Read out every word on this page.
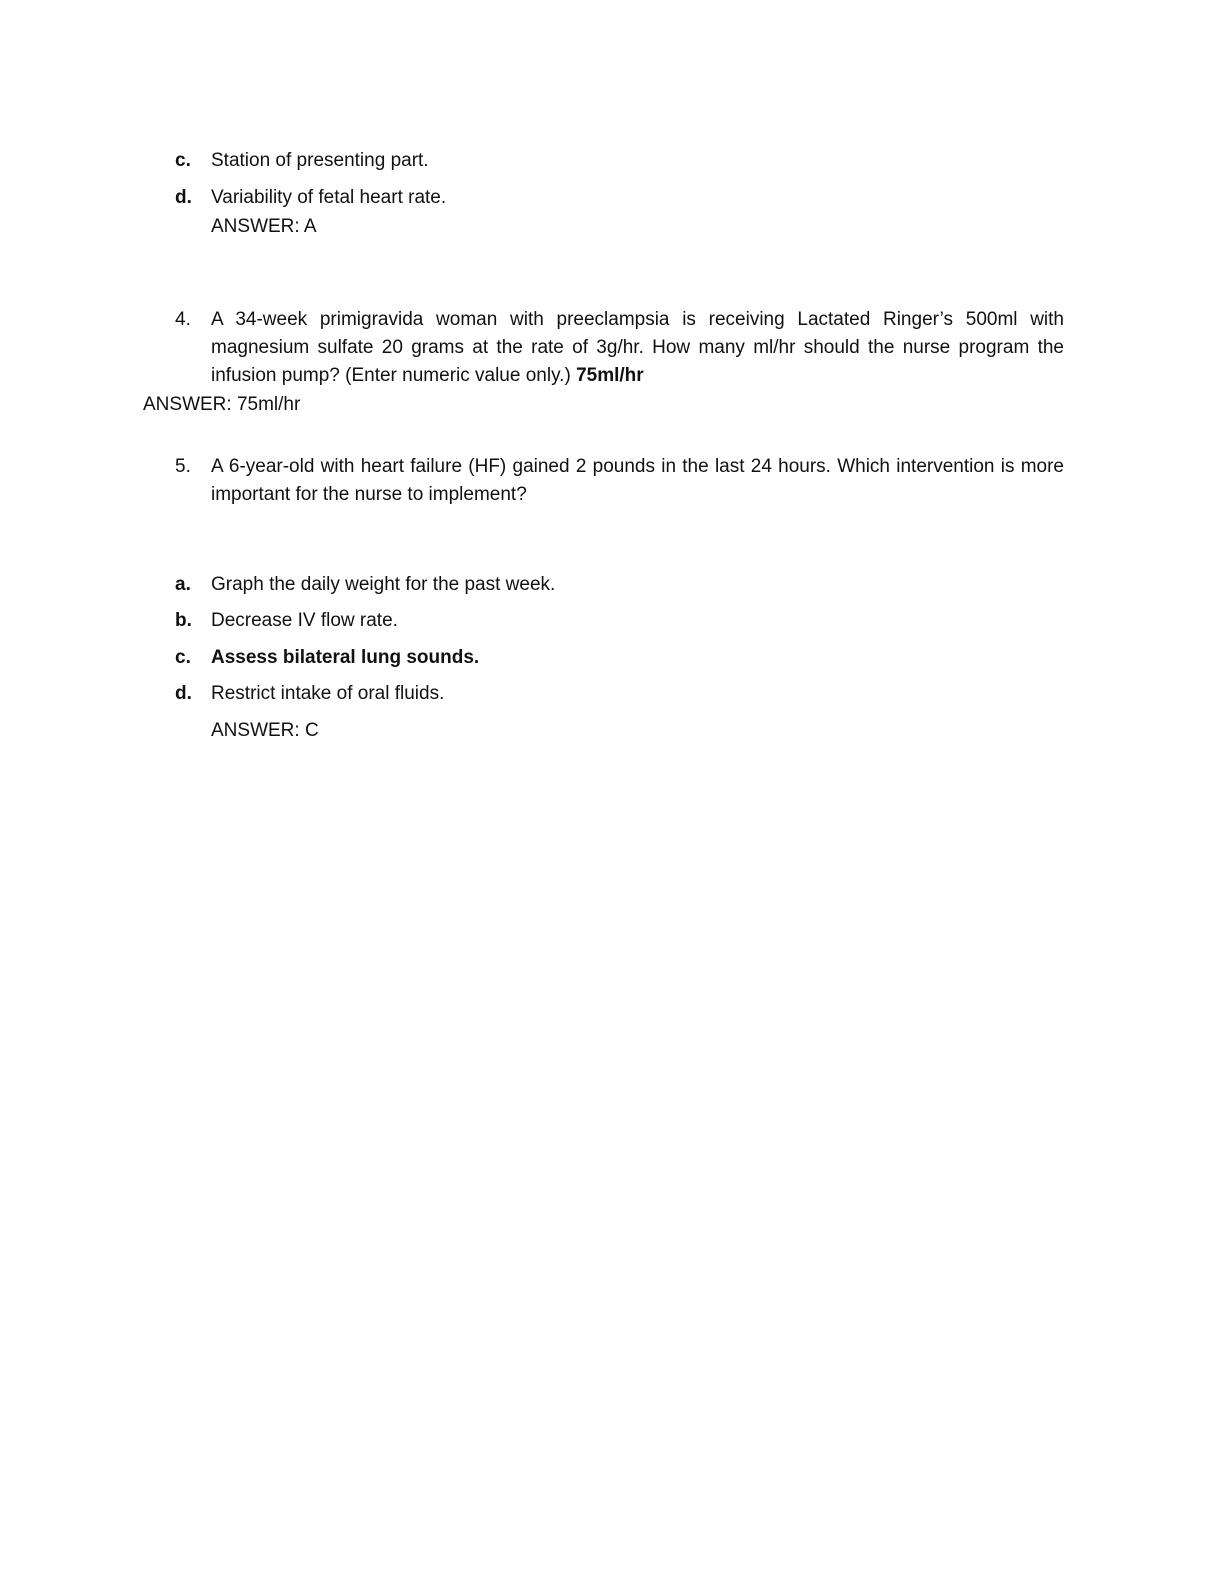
c. Station of presenting part.
d. Variability of fetal heart rate.
ANSWER: A
4. A 34-week primigravida woman with preeclampsia is receiving Lactated Ringer’s 500ml with magnesium sulfate 20 grams at the rate of 3g/hr. How many ml/hr should the nurse program the infusion pump? (Enter numeric value only.) 75ml/hr
ANSWER: 75ml/hr
5. A 6-year-old with heart failure (HF) gained 2 pounds in the last 24 hours. Which intervention is more important for the nurse to implement?
a. Graph the daily weight for the past week.
b. Decrease IV flow rate.
c. Assess bilateral lung sounds.
d. Restrict intake of oral fluids.
ANSWER: C
